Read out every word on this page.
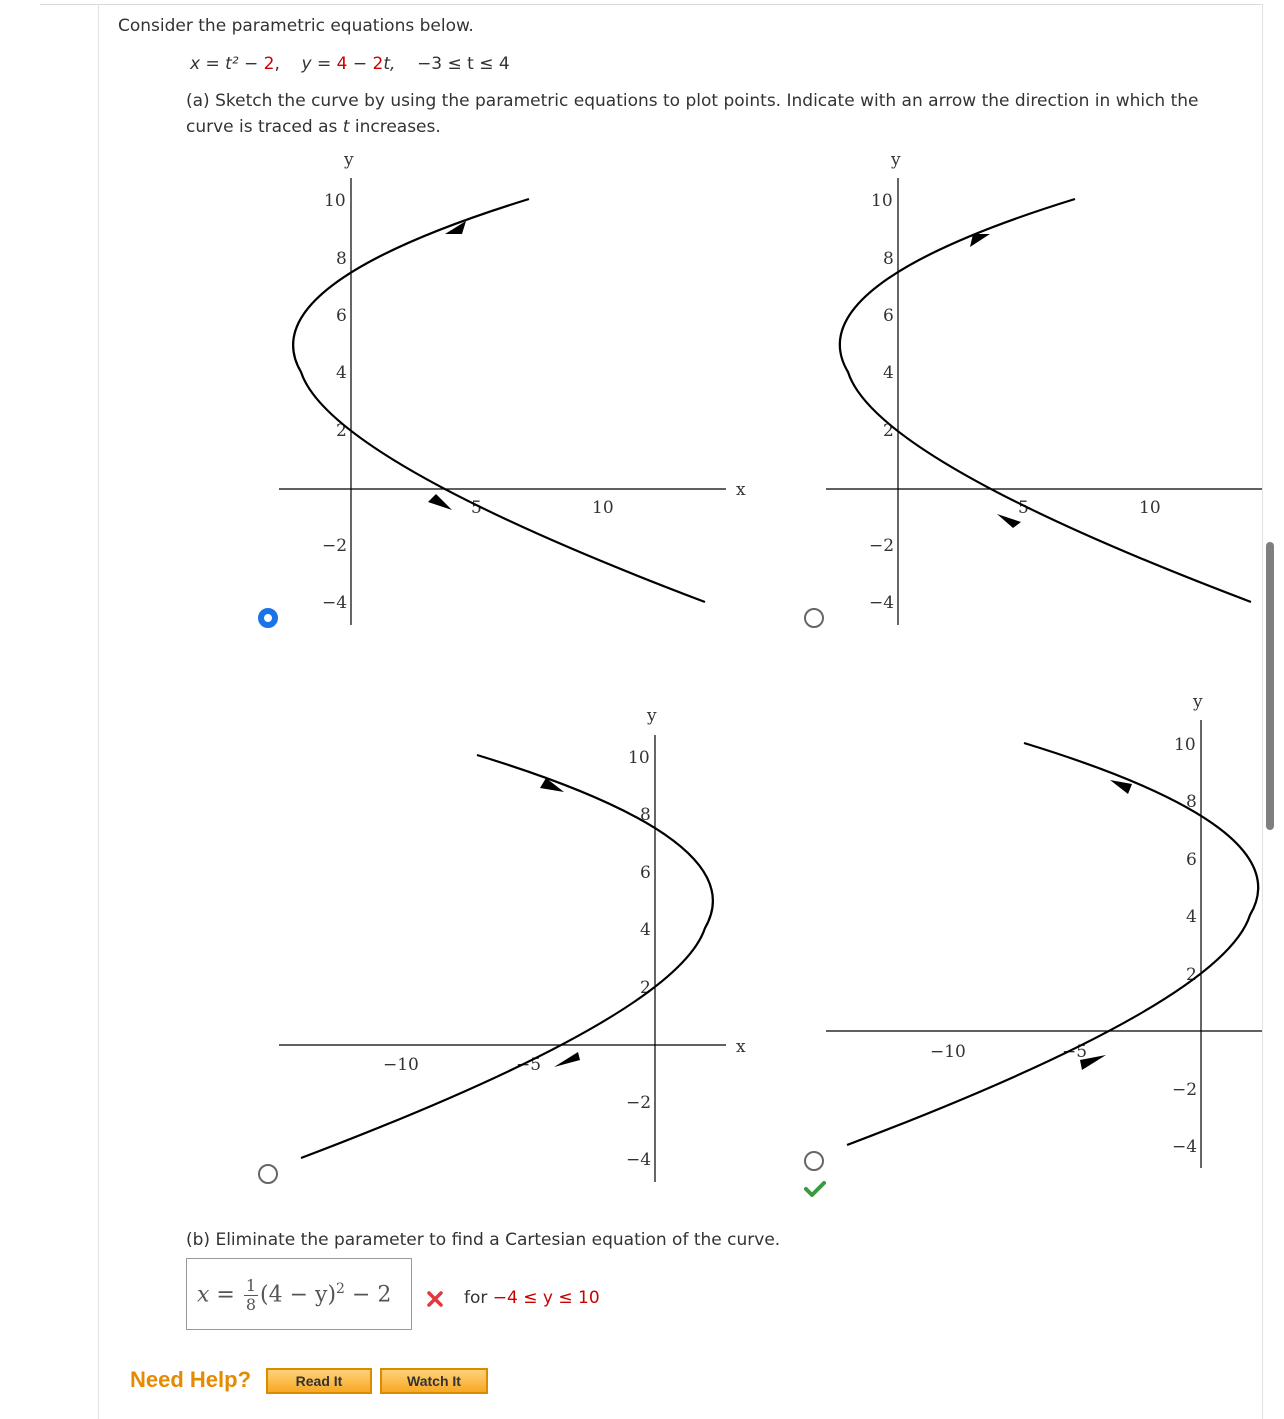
Consider the parametric equations below.
x = t² − 2, y = 4 − 2t, −3 ≤ t ≤ 4
(a) Sketch the curve by using the parametric equations to plot points. Indicate with an arrow the direction in which the curve is traced as t increases.
y
x
10
8
6
4
2
−2
−4
5	10
y
10
8
6
4
2
−2
−4
5	10
y
x
10
8
6
4
2
−2
−4
−10	−5
y
10
8
6
4
2
−2
−4
−10	−5
(b) Eliminate the parameter to find a Cartesian equation of the curve.
$x = \frac{1}{8} (4 - y)^2 - 2$	for −4 ≤ y ≤ 10
Need Help?	Read It	Watch It
